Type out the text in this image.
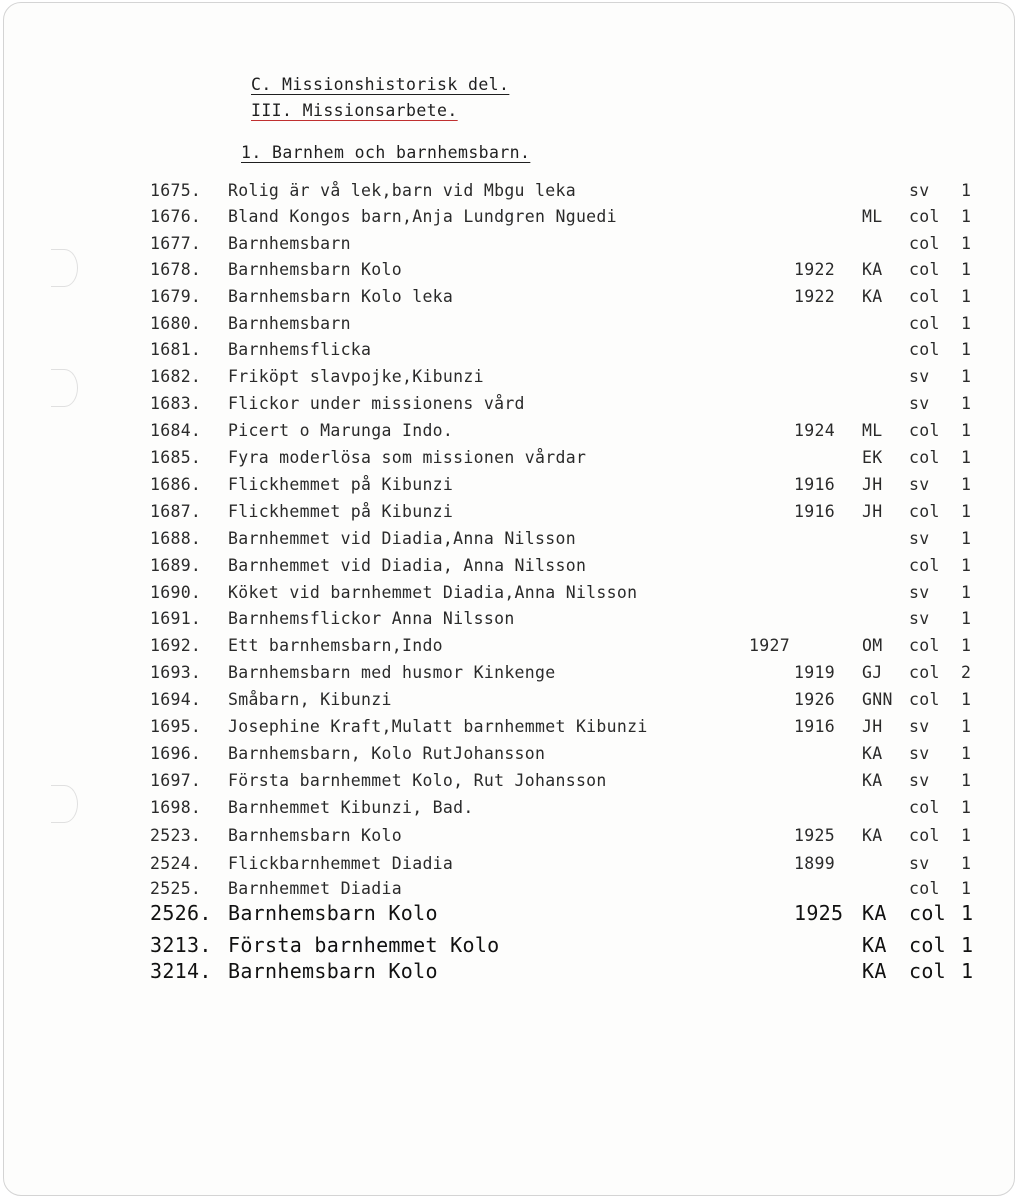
C. Missionshistorisk del.
III. Missionsarbete.
1. Barnhem och barnhemsbarn.
1675. Rolig är vå lek,barn vid Mbgu leka	sv 1
1676. Bland Kongos barn,Anja Lundgren Nguedi	ML col 1
1677. Barnhemsbarn	col 1
1678. Barnhemsbarn Kolo	1922 KA col 1
1679. Barnhemsbarn Kolo leka	1922 KA col 1
1680. Barnhemsbarn	col 1
1681. Barnhemsflicka	col 1
1682. Friköpt slavpojke,Kibunzi	sv 1
1683. Flickor under missionens vård	sv 1
1684. Picert o Marunga Indo.	1924 ML col 1
1685. Fyra moderlösa som missionen vårdar	EK col 1
1686. Flickhemmet på Kibunzi	1916 JH sv 1
1687. Flickhemmet på Kibunzi	1916 JH col 1
1688. Barnhemmet vid Diadia,Anna Nilsson	sv 1
1689. Barnhemmet vid Diadia, Anna Nilsson	col 1
1690. Köket vid barnhemmet Diadia,Anna Nilsson	sv 1
1691. Barnhemsflickor Anna Nilsson	sv 1
1692. Ett barnhemsbarn,Indo	1927	OM col 1
1693. Barnhemsbarn med husmor Kinkenge	1919 GJ col 2
1694. Småbarn, Kibunzi	1926 GNN col 1
1695. Josephine Kraft,Mulatt barnhemmet Kibunzi	1916 JH sv 1
1696. Barnhemsbarn, Kolo RutJohansson	KA sv 1
1697. Första barnhemmet Kolo, Rut Johansson	KA sv 1
1698. Barnhemmet Kibunzi, Bad.	col 1
2523. Barnhemsbarn Kolo	1925 KA col 1
2524. Flickbarnhemmet Diadia	1899	sv 1
2525. Barnhemmet Diadia	col 1
2526. Barnhemsbarn Kolo	1925 KA col 1
3213. Första barnhemmet Kolo	KA col 1
3214. Barnhemsbarn Kolo	KA col 1
